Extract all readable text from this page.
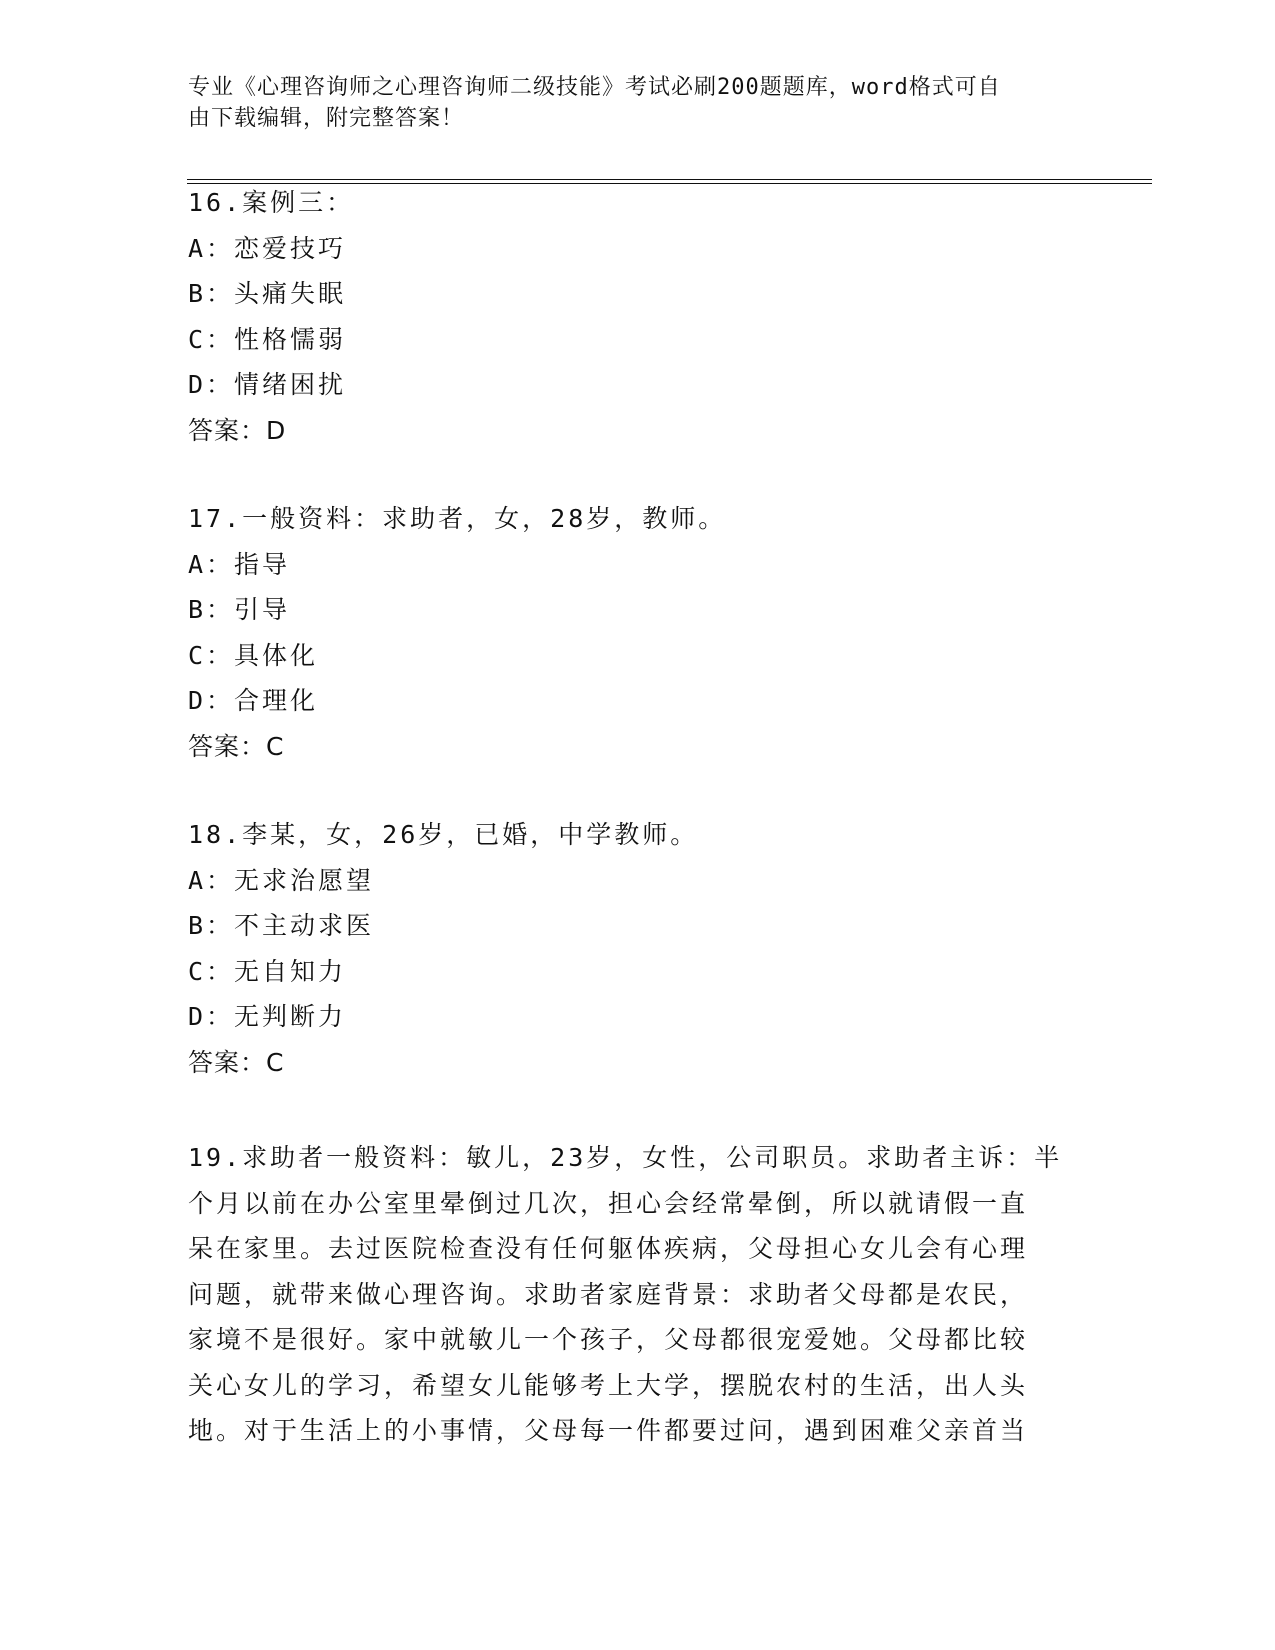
专业《心理咨询师之心理咨询师二级技能》考试必刷200题题库，word格式可自
由下载编辑，附完整答案！
16.案例三：
A：恋爱技巧
B：头痛失眠
C：性格懦弱
D：情绪困扰
答案：D
17.一般资料：求助者，女，28岁，教师。
A：指导
B：引导
C：具体化
D：合理化
答案：C
18.李某，女，26岁，已婚，中学教师。
A：无求治愿望
B：不主动求医
C：无自知力
D：无判断力
答案：C
19.求助者一般资料：敏儿，23岁，女性，公司职员。求助者主诉：半
个月以前在办公室里晕倒过几次，担心会经常晕倒，所以就请假一直
呆在家里。去过医院检查没有任何躯体疾病，父母担心女儿会有心理
问题，就带来做心理咨询。求助者家庭背景：求助者父母都是农民，
家境不是很好。家中就敏儿一个孩子，父母都很宠爱她。父母都比较
关心女儿的学习，希望女儿能够考上大学，摆脱农村的生活，出人头
地。对于生活上的小事情，父母每一件都要过问，遇到困难父亲首当
